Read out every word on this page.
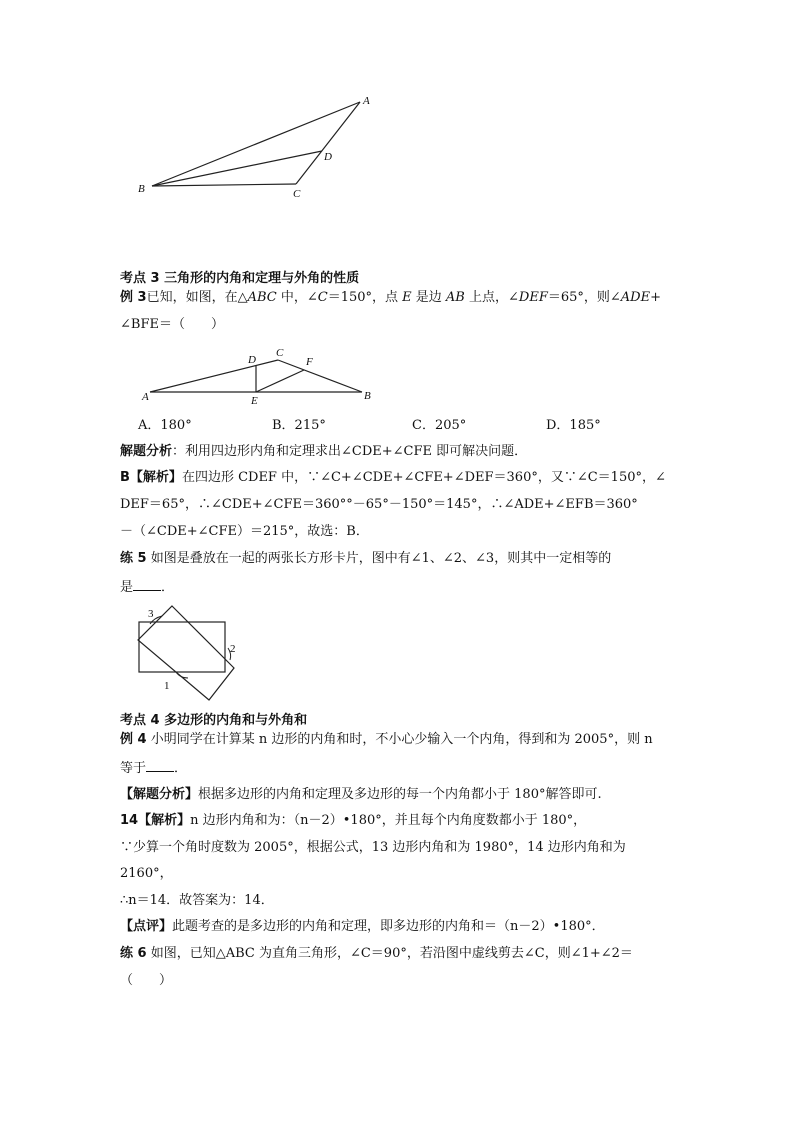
A
B	C
D
考点 3 三角形的内角和定理与外角的性质
例 3已知，如图，在△ABC 中，∠C＝150°，点 E 是边 AB 上点，∠DEF＝65°，则∠ADE+
∠BFE＝（　　）
A	B
C
D
E
F
A．180°	B．215°	C．205°	D．185°
解题分析：利用四边形内角和定理求出∠CDE+∠CFE 即可解决问题．
B【解析】在四边形 CDEF 中，∵∠C+∠CDE+∠CFE+∠DEF＝360°，又∵∠C＝150°，∠
DEF＝65°，∴∠CDE+∠CFE＝360°°－65°－150°＝145°，∴∠ADE+∠EFB＝360°
－（∠CDE+∠CFE）＝215°，故选：B．
练 5 如图是叠放在一起的两张长方形卡片，图中有∠1、∠2、∠3，则其中一定相等的
是 ．
3
2
1
考点 4 多边形的内角和与外角和
例 4 小明同学在计算某 n 边形的内角和时，不小心少输入一个内角，得到和为 2005°，则 n
等于 ．
【解题分析】根据多边形的内角和定理及多边形的每一个内角都小于 180°解答即可.
14【解析】n 边形内角和为：（n－2）•180°，并且每个内角度数都小于 180°，
∵少算一个角时度数为 2005°，根据公式，13 边形内角和为 1980°，14 边形内角和为
2160°，
∴n＝14．故答案为：14．
【点评】此题考查的是多边形的内角和定理，即多边形的内角和＝（n－2）•180°．
练 6 如图，已知△ABC 为直角三角形，∠C＝90°，若沿图中虚线剪去∠C，则∠1+∠2＝
（　　）
